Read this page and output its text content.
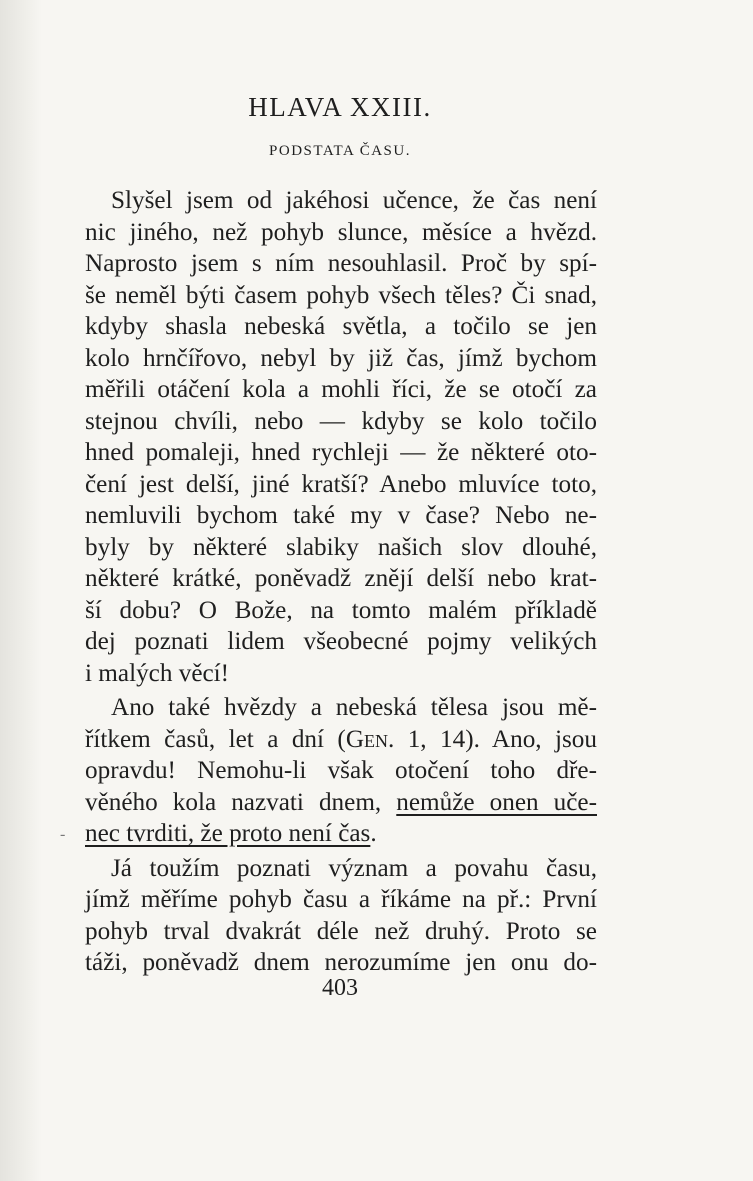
HLAVA XXIII.
PODSTATA ČASU.
Slyšel jsem od jakéhosi učence, že čas není
nic jiného, než pohyb slunce, měsíce a hvězd.
Naprosto jsem s ním nesouhlasil. Proč by spí-
še neměl býti časem pohyb všech těles? Či snad,
kdyby shasla nebeská světla, a točilo se jen
kolo hrnčířovo, nebyl by již čas, jímž bychom
měřili otáčení kola a mohli říci, že se otočí za
stejnou chvíli, nebo — kdyby se kolo točilo
hned pomaleji, hned rychleji — že některé oto-
čení jest delší, jiné kratší? Anebo mluvíce toto,
nemluvili bychom také my v čase? Nebo ne-
byly by některé slabiky našich slov dlouhé,
některé krátké, poněvadž znějí delší nebo krat-
ší dobu? O Bože, na tomto malém příkladě
dej poznati lidem všeobecné pojmy velikých
i malých věcí!
Ano také hvězdy a nebeská tělesa jsou mě-
řítkem časů, let a dní (Gen. 1, 14). Ano, jsou
opravdu! Nemohu-li však otočení toho dře-
věného kola nazvati dnem, nemůže onen uče-
nec tvrditi, že proto není čas.
Já toužím poznati význam a povahu času,
jímž měříme pohyb času a říkáme na př.: První
pohyb trval dvakrát déle než druhý. Proto se
táži, poněvadž dnem nerozumíme jen onu do-
-
403
